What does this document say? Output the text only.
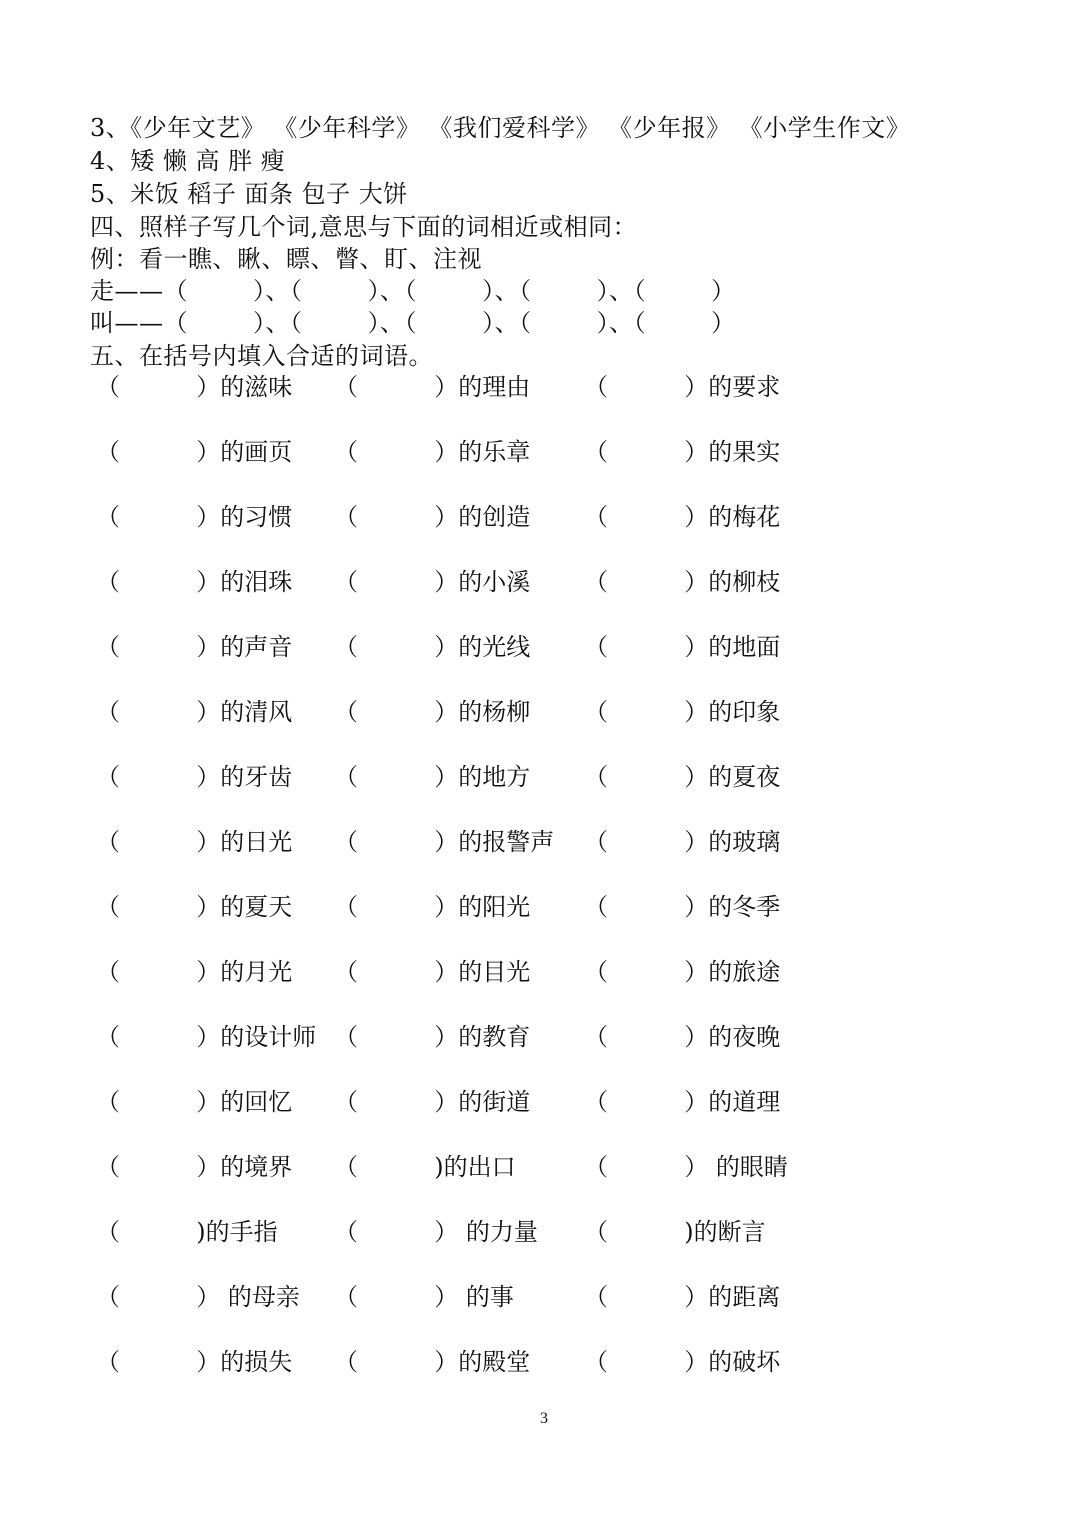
3、《少年文艺》 《少年科学》 《我们爱科学》 《少年报》 《小学生作文》
4、矮 懒 高 胖 瘦
5、米饭 稻子 面条 包子 大饼
四、照样子写几个词,意思与下面的词相近或相同：
例：看一瞧、瞅、瞟、瞥、盯、注视
走——（        ）、（        ）、（        ）、（        ）、（        ）
叫——（        ）、（        ）、（        ）、（        ）、（        ）
五、在括号内填入合适的词语。
（          ）的滋味 （          ）的理由 （          ）的要求
（          ）的画页 （          ）的乐章 （          ）的果实
（          ）的习惯 （          ）的创造 （          ）的梅花
（          ）的泪珠 （          ）的小溪 （          ）的柳枝
（          ）的声音 （          ）的光线 （          ）的地面
（          ）的清风 （          ）的杨柳 （          ）的印象
（          ）的牙齿 （          ）的地方 （          ）的夏夜
（          ）的日光 （          ）的报警声 （          ）的玻璃
（          ）的夏天 （          ）的阳光 （          ）的冬季
（          ）的月光 （          ）的目光 （          ）的旅途
（          ）的设计师 （          ）的教育 （          ）的夜晚
（          ）的回忆 （          ）的街道 （          ）的道理
（          ）的境界 （          )的出口	（          ） 的眼睛
（          )的手指 （          ） 的力量 （          )的断言
（          ） 的母亲 （          ） 的事	（          ）的距离
（          ）的损失 （          ）的殿堂 （          ）的破坏
3
